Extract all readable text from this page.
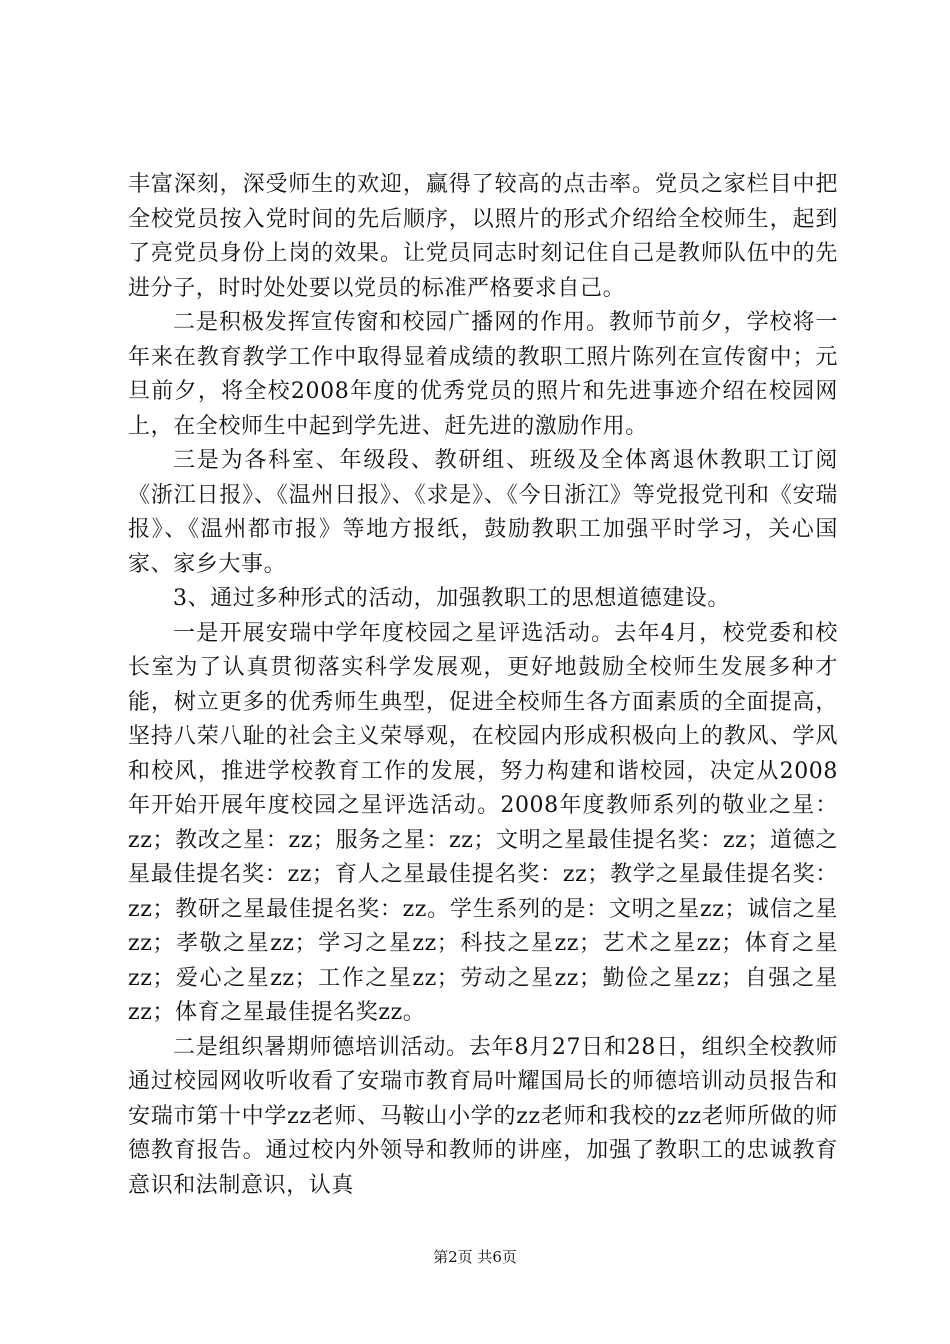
丰富深刻，深受师生的欢迎，赢得了较高的点击率。党员之家栏目中把全校党员按入党时间的先后顺序，以照片的形式介绍给全校师生，起到了亮党员身份上岗的效果。让党员同志时刻记住自己是教师队伍中的先进分子，时时处处要以党员的标准严格要求自己。

二是积极发挥宣传窗和校园广播网的作用。教师节前夕，学校将一年来在教育教学工作中取得显着成绩的教职工照片陈列在宣传窗中；元旦前夕，将全校2008年度的优秀党员的照片和先进事迹介绍在校园网上，在全校师生中起到学先进、赶先进的激励作用。

三是为各科室、年级段、教研组、班级及全体离退休教职工订阅《浙江日报》、《温州日报》、《求是》、《今日浙江》等党报党刊和《安瑞报》、《温州都市报》等地方报纸，鼓励教职工加强平时学习，关心国家、家乡大事。

3、通过多种形式的活动，加强教职工的思想道德建设。

一是开展安瑞中学年度校园之星评选活动。去年4月，校党委和校长室为了认真贯彻落实科学发展观，更好地鼓励全校师生发展多种才能，树立更多的优秀师生典型，促进全校师生各方面素质的全面提高，坚持八荣八耻的社会主义荣辱观，在校园内形成积极向上的教风、学风和校风，推进学校教育工作的发展，努力构建和谐校园，决定从2008年开始开展年度校园之星评选活动。2008年度教师系列的敬业之星：zz；教改之星：zz；服务之星：zz；文明之星最佳提名奖：zz；道德之星最佳提名奖：zz；育人之星最佳提名奖：zz；教学之星最佳提名奖：zz；教研之星最佳提名奖：zz。学生系列的是：文明之星zz；诚信之星zz；孝敬之星zz；学习之星zz；科技之星zz；艺术之星zz；体育之星zz；爱心之星zz；工作之星zz；劳动之星zz；勤俭之星zz；自强之星zz；体育之星最佳提名奖zz。

二是组织暑期师德培训活动。去年8月27日和28日，组织全校教师通过校园网收听收看了安瑞市教育局叶耀国局长的师德培训动员报告和安瑞市第十中学zz老师、马鞍山小学的zz老师和我校的zz老师所做的师德教育报告。通过校内外领导和教师的讲座，加强了教职工的忠诚教育意识和法制意识，认真

第2页 共6页
